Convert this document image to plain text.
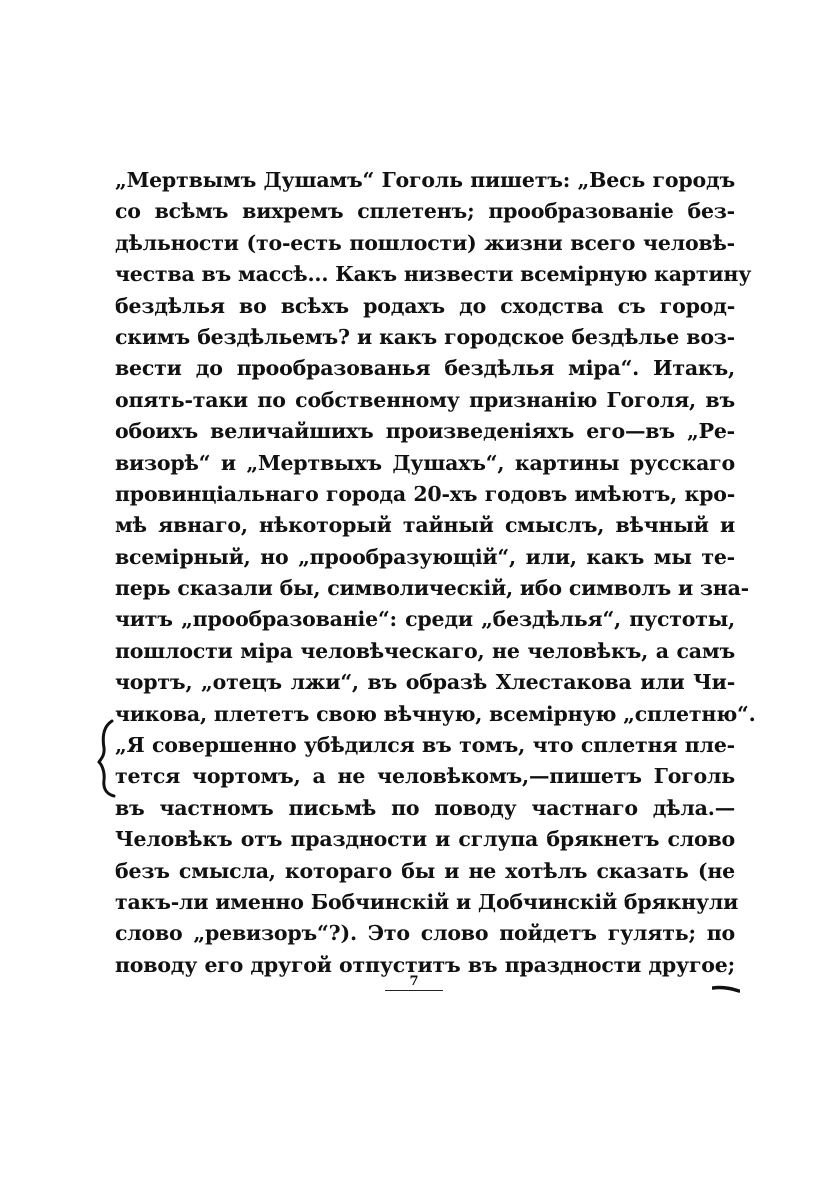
„Мертвымъ Душамъ“ Гоголь пишетъ: „Весь городъ
со всѣмъ вихремъ сплетенъ; прообразованіе без-
дѣльности (то-есть пошлости) жизни всего человѣ-
чества въ массѣ... Какъ низвести всемірную картину
бездѣлья во всѣхъ родахъ до сходства съ город-
скимъ бездѣльемъ? и какъ городское бездѣлье воз-
вести до прообразованья бездѣлья міра“. Итакъ,
опять-таки по собственному признанію Гоголя, въ
обоихъ величайшихъ произведеніяхъ его—въ „Ре-
визорѣ“ и „Мертвыхъ Душахъ“, картины русскаго
провинціальнаго города 20-хъ годовъ имѣютъ, кро-
мѣ явнаго, нѣкоторый тайный смыслъ, вѣчный и
всемірный, но „прообразующій“, или, какъ мы те-
перь сказали бы, символическій, ибо символъ и зна-
читъ „прообразованіе“: среди „бездѣлья“, пустоты,
пошлости міра человѣческаго, не человѣкъ, а самъ
чортъ, „отецъ лжи“, въ образѣ Хлестакова или Чи-
чикова, плететъ свою вѣчную, всемірную „сплетню“.
„Я совершенно убѣдился въ томъ, что сплетня пле-
тется чортомъ, а не человѣкомъ,—пишетъ Гоголь
въ частномъ письмѣ по поводу частнаго дѣла.—
Человѣкъ отъ праздности и сглупа брякнетъ слово
безъ смысла, котораго бы и не хотѣлъ сказать (не
такъ-ли именно Бобчинскій и Добчинскій брякнули
слово „ревизоръ“?). Это слово пойдетъ гулять; по
поводу его другой отпуститъ въ праздности другое;
7
